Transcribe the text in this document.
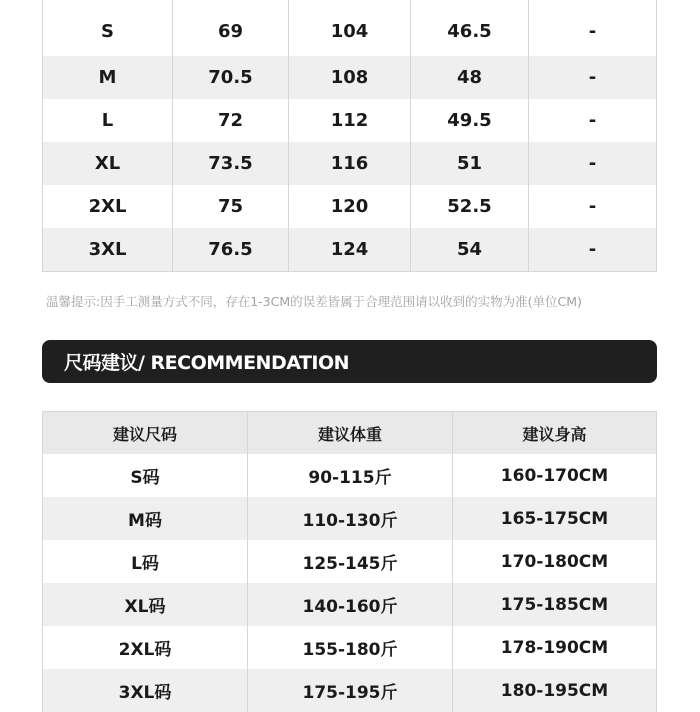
S	69	104	46.5	-
M	70.5	108	48	-
L	72	112	49.5	-
XL	73.5	116	51	-
2XL	75	120	52.5	-
3XL	76.5	124	54	-
温馨提示:因手工测量方式不同，存在1-3CM的误差皆属于合理范围请以收到的实物为准(单位CM)
尺码建议/ RECOMMENDATION
建议尺码	建议体重	建议身高
S码	90-115斤	160-170CM
M码	110-130斤	165-175CM
L码	125-145斤	170-180CM
XL码	140-160斤	175-185CM
2XL码	155-180斤	178-190CM
3XL码	175-195斤	180-195CM
